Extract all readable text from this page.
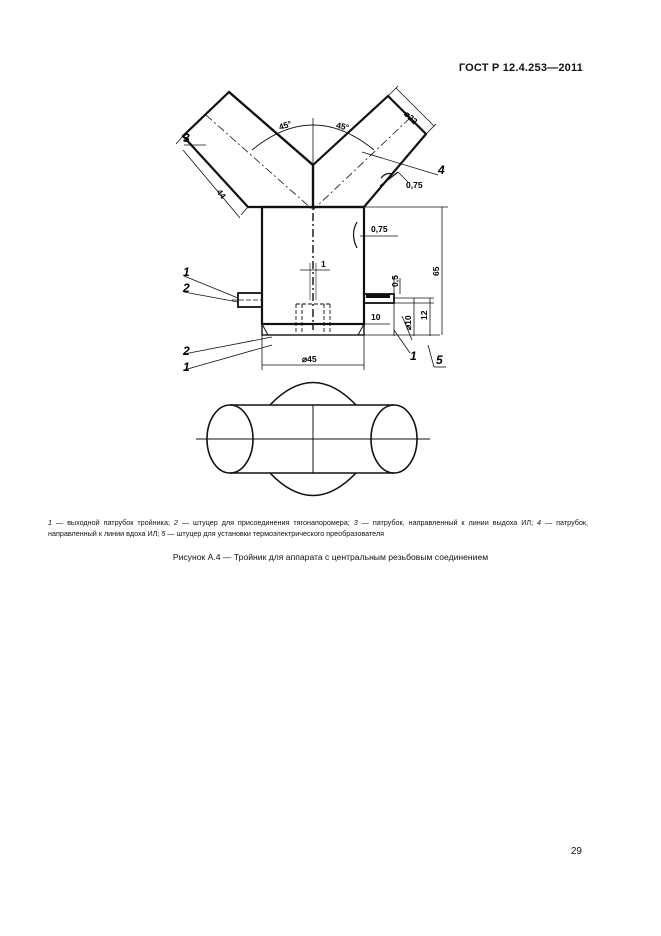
ГОСТ Р 12.4.253—2011
⌀22
45°	45°
0,75
0,75
1
0,5
⌀10
12
65
10
44
⌀45
3
4
1
2
2
1
1 5
1 — выходной патрубок тройника; 2 — штуцер для присоединения тягонапоромера; 3 — патрубок, направленный к линии выдоха ИЛ; 4 — патрубок, направленный к линии вдоха ИЛ; 5 — штуцер для установки термоэлектрического преобразователя
Рисунок А.4 — Тройник для аппарата с центральным резьбовым соединением
29
